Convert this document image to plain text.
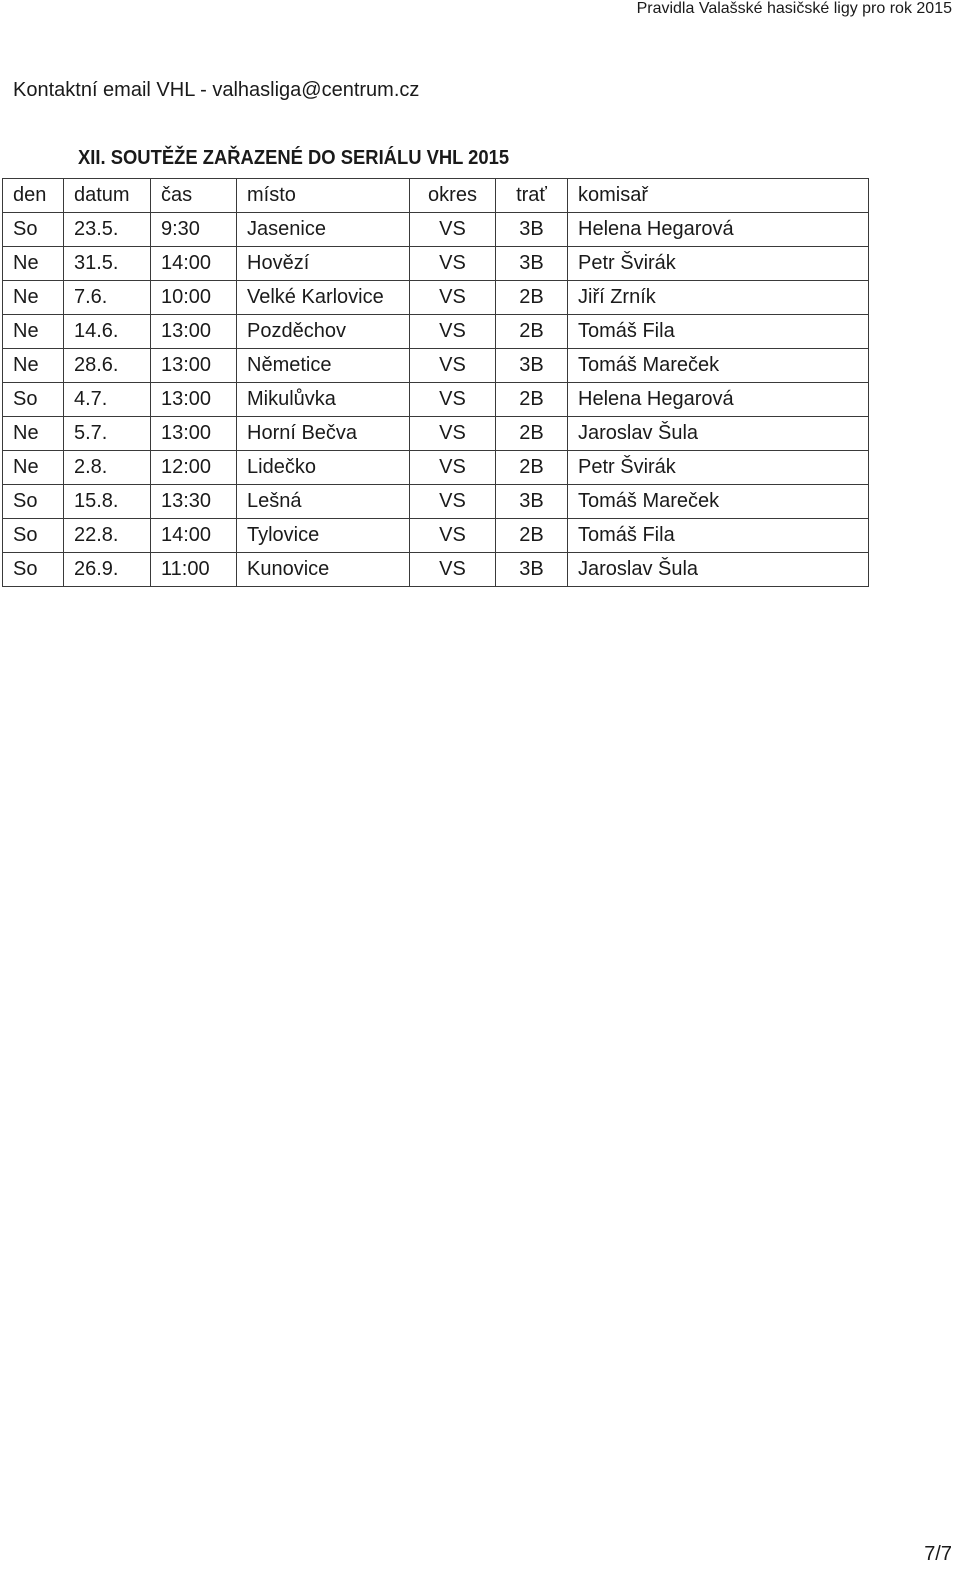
Pravidla Valašské hasičské ligy pro rok 2015
Kontaktní email VHL - valhasliga@centrum.cz
XII. SOUTĚŽE ZAŘAZENÉ DO SERIÁLU VHL 2015
den	datum	čas	místo	okres	trať	komisař
So	23.5.	9:30	Jasenice	VS	3B	Helena Hegarová
Ne	31.5.	14:00	Hovězí	VS	3B	Petr Švirák
Ne	7.6.	10:00	Velké Karlovice	VS	2B	Jiří Zrník
Ne	14.6.	13:00	Pozděchov	VS	2B	Tomáš Fila
Ne	28.6.	13:00	Němetice	VS	3B	Tomáš Mareček
So	4.7.	13:00	Mikulůvka	VS	2B	Helena Hegarová
Ne	5.7.	13:00	Horní Bečva	VS	2B	Jaroslav Šula
Ne	2.8.	12:00	Lidečko	VS	2B	Petr Švirák
So	15.8.	13:30	Lešná	VS	3B	Tomáš Mareček
So	22.8.	14:00	Tylovice	VS	2B	Tomáš Fila
So	26.9.	11:00	Kunovice	VS	3B	Jaroslav Šula
7/7
